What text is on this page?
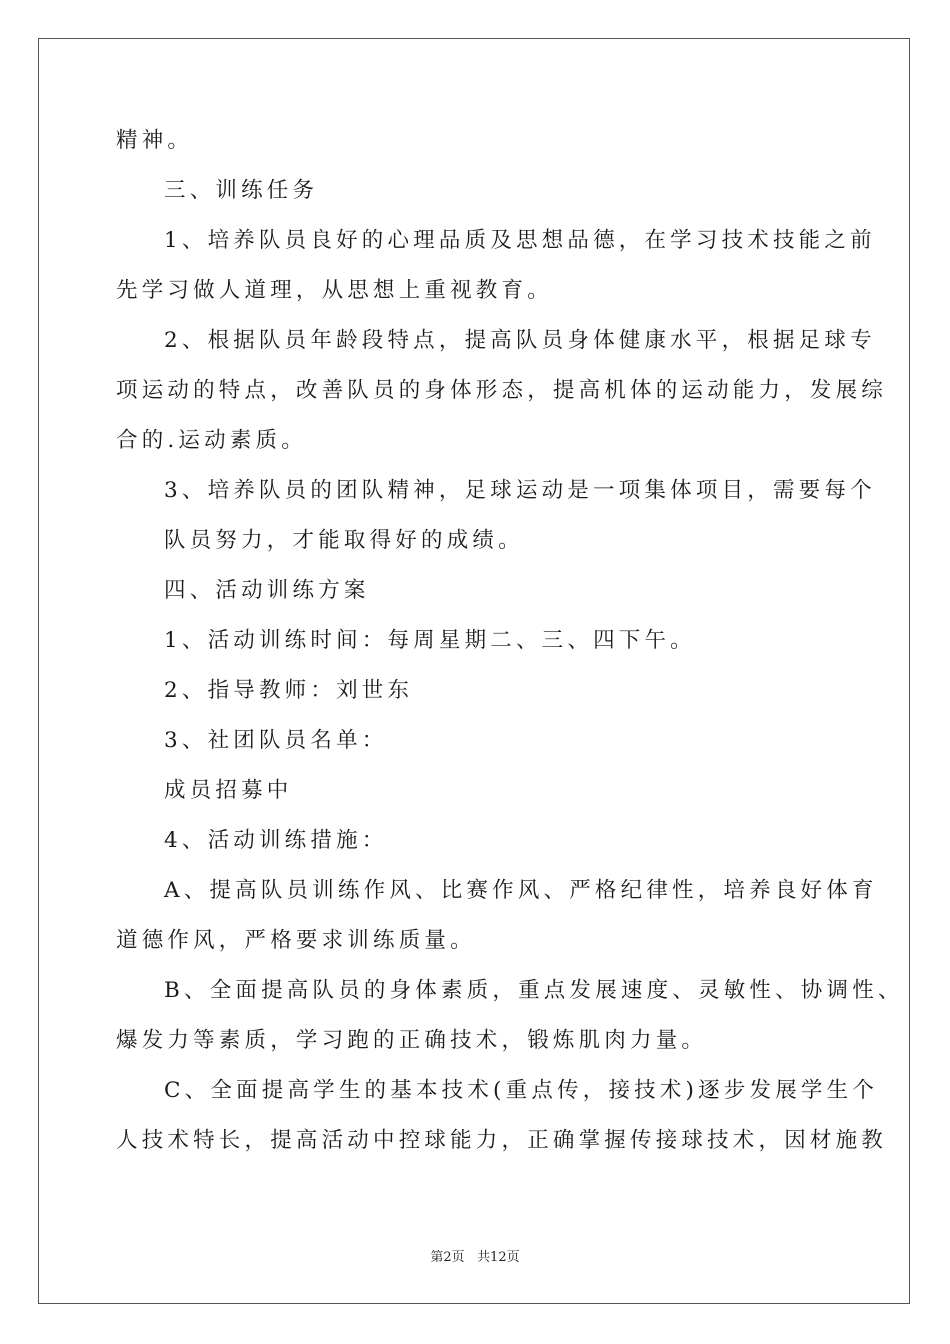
精神。
三、训练任务
1、培养队员良好的心理品质及思想品德，在学习技术技能之前
先学习做人道理，从思想上重视教育。
2、根据队员年龄段特点，提高队员身体健康水平，根据足球专
项运动的特点，改善队员的身体形态，提高机体的运动能力，发展综
合的.运动素质。
3、培养队员的团队精神，足球运动是一项集体项目，需要每个
队员努力，才能取得好的成绩。
四、活动训练方案
1、活动训练时间：每周星期二、三、四下午。
2、指导教师：刘世东
3、社团队员名单：
成员招募中
4、活动训练措施：
A、提高队员训练作风、比赛作风、严格纪律性，培养良好体育
道德作风，严格要求训练质量。
B、全面提高队员的身体素质，重点发展速度、灵敏性、协调性、
爆发力等素质，学习跑的正确技术，锻炼肌肉力量。
C、全面提高学生的基本技术(重点传，接技术)逐步发展学生个
人技术特长，提高活动中控球能力，正确掌握传接球技术，因材施教
第2页   共12页
